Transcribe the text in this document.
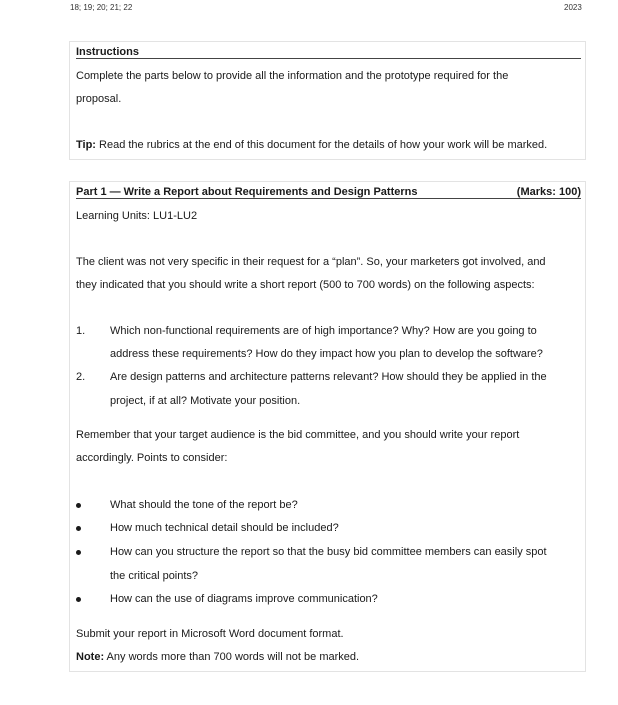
18; 19; 20; 21; 22	2023
Instructions
Complete the parts below to provide all the information and the prototype required for the
proposal.
Tip: Read the rubrics at the end of this document for the details of how your work will be marked.
Part 1 — Write a Report about Requirements and Design Patterns	(Marks: 100)
Learning Units: LU1-LU2
The client was not very specific in their request for a “plan”. So, your marketers got involved, and
they indicated that you should write a short report (500 to 700 words) on the following aspects:
1. Which non-functional requirements are of high importance? Why? How are you going to
address these requirements? How do they impact how you plan to develop the software?
2. Are design patterns and architecture patterns relevant? How should they be applied in the
project, if at all? Motivate your position.
Remember that your target audience is the bid committee, and you should write your report
accordingly. Points to consider:
What should the tone of the report be?
How much technical detail should be included?
How can you structure the report so that the busy bid committee members can easily spot
the critical points?
How can the use of diagrams improve communication?
Submit your report in Microsoft Word document format.
Note: Any words more than 700 words will not be marked.
